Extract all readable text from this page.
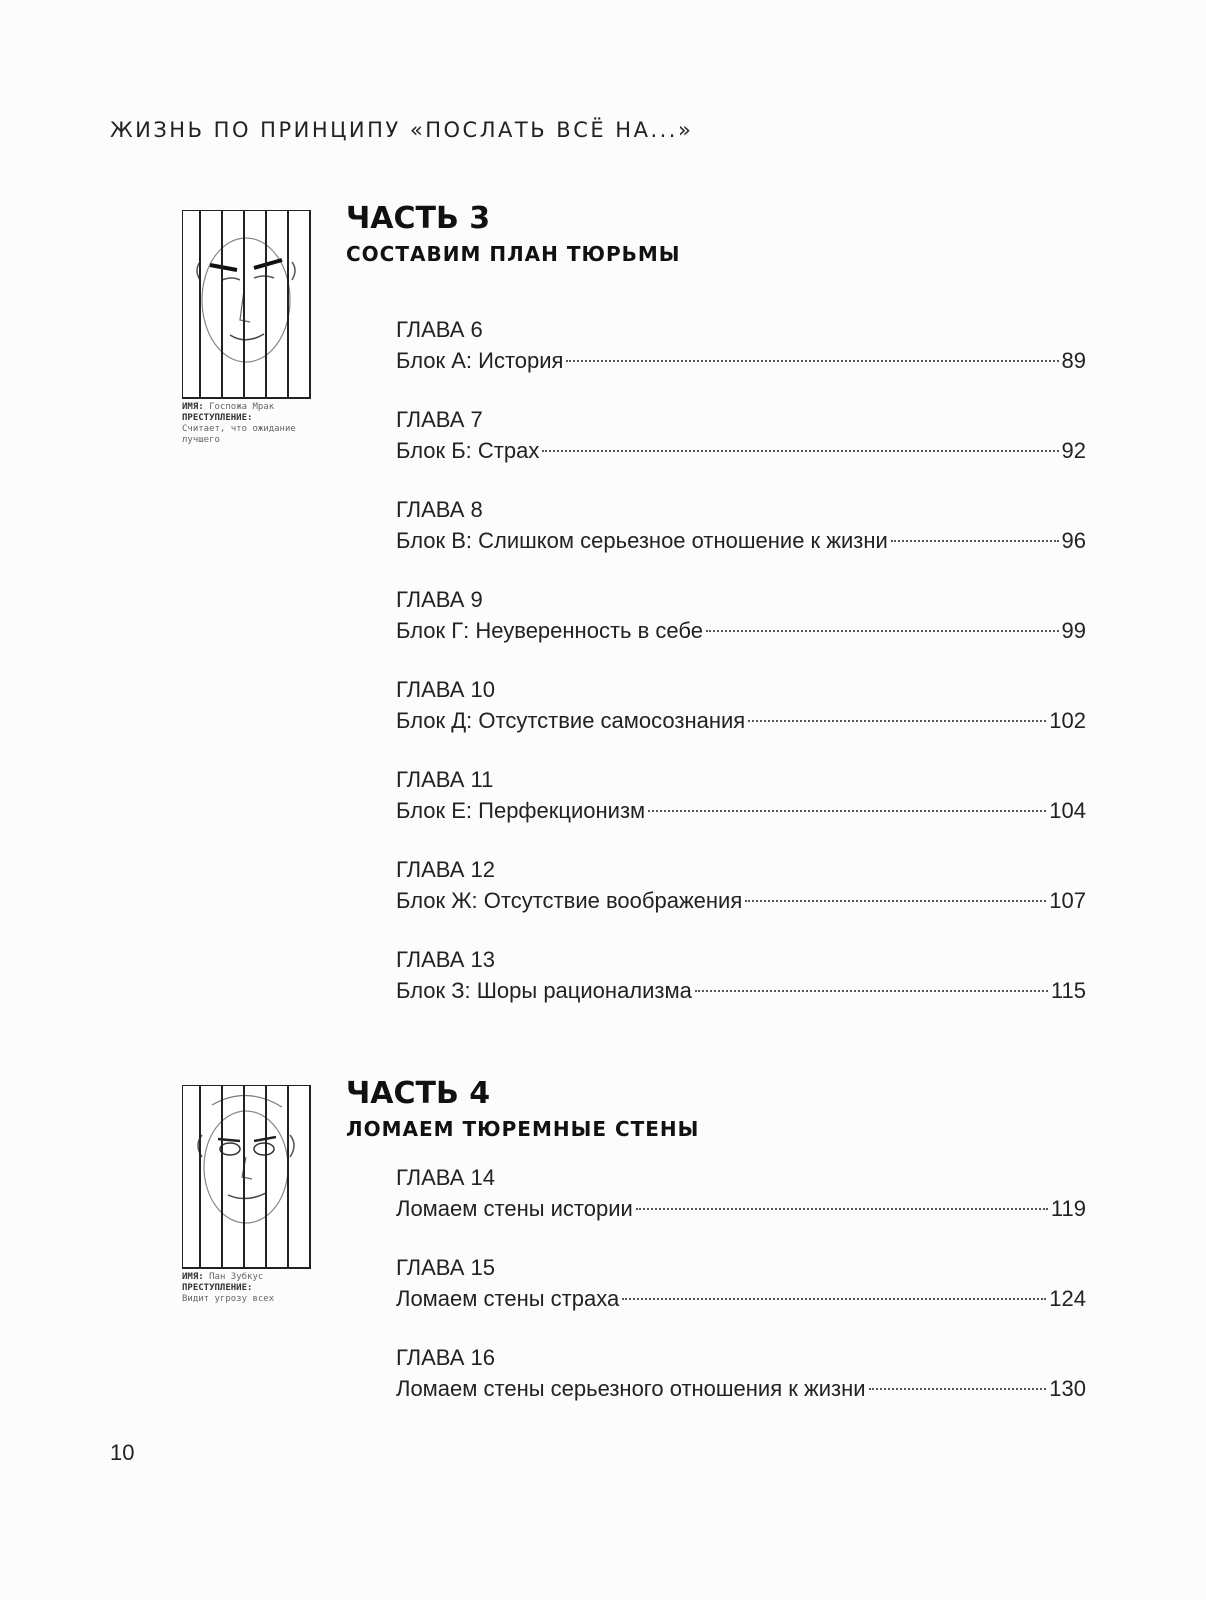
ЖИЗНЬ ПО ПРИНЦИПУ «ПОСЛАТЬ ВСЁ НА...»
ИМЯ: Госпожа Мрак
ПРЕСТУПЛЕНИЕ:
Считает, что ожидание лучшего
ЧАСТЬ 3
СОСТАВИМ ПЛАН ТЮРЬМЫ
ГЛАВА 6
Блок А: История	89
ГЛАВА 7
Блок Б: Страх	92
ГЛАВА 8
Блок В: Слишком серьезное отношение к жизни	96
ГЛАВА 9
Блок Г: Неуверенность в себе	99
ГЛАВА 10
Блок Д: Отсутствие самосознания	102
ГЛАВА 11
Блок Е: Перфекционизм	104
ГЛАВА 12
Блок Ж: Отсутствие воображения	107
ГЛАВА 13
Блок З: Шоры рационализма	115
ИМЯ: Пан Зубкус
ПРЕСТУПЛЕНИЕ:
Видит угрозу всех
ЧАСТЬ 4
ЛОМАЕМ ТЮРЕМНЫЕ СТЕНЫ
ГЛАВА 14
Ломаем стены истории	119
ГЛАВА 15
Ломаем стены страха	124
ГЛАВА 16
Ломаем стены серьезного отношения к жизни	130
10
